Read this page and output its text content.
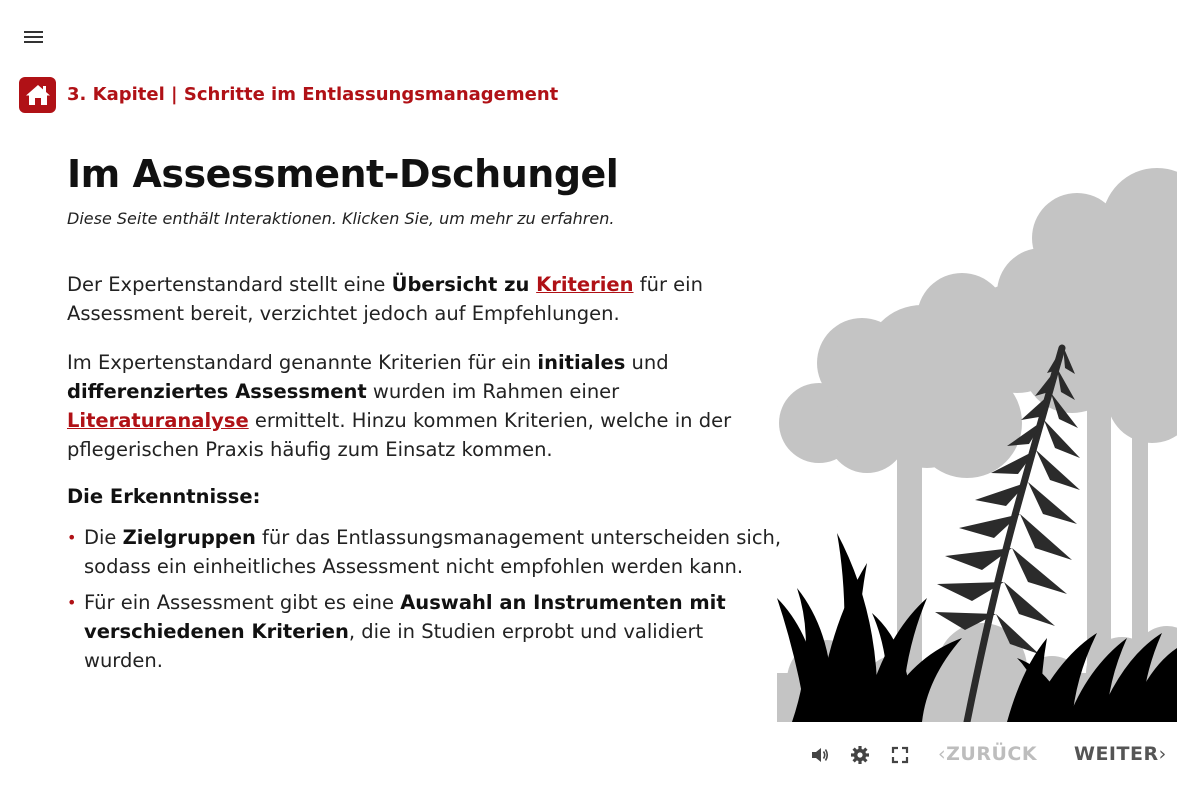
3. Kapitel | Schritte im Entlassungsmanagement
Im Assessment-Dschungel
Diese Seite enthält Interaktionen. Klicken Sie, um mehr zu erfahren.

Der Expertenstandard stellt eine Übersicht zu Kriterien für ein Assessment bereit, verzichtet jedoch auf Empfehlungen.

Im Expertenstandard genannte Kriterien für ein initiales und differenziertes Assessment wurden im Rahmen einer Literaturanalyse ermittelt. Hinzu kommen Kriterien, welche in der pflegerischen Praxis häufig zum Einsatz kommen.

Die Erkenntnisse:
• Die Zielgruppen für das Entlassungsmanagement unterscheiden sich, sodass ein einheitliches Assessment nicht empfohlen werden kann.
• Für ein Assessment gibt es eine Auswahl an Instrumenten mit verschiedenen Kriterien, die in Studien erprobt und validiert wurden.
‹ZURÜCK WEITER›
